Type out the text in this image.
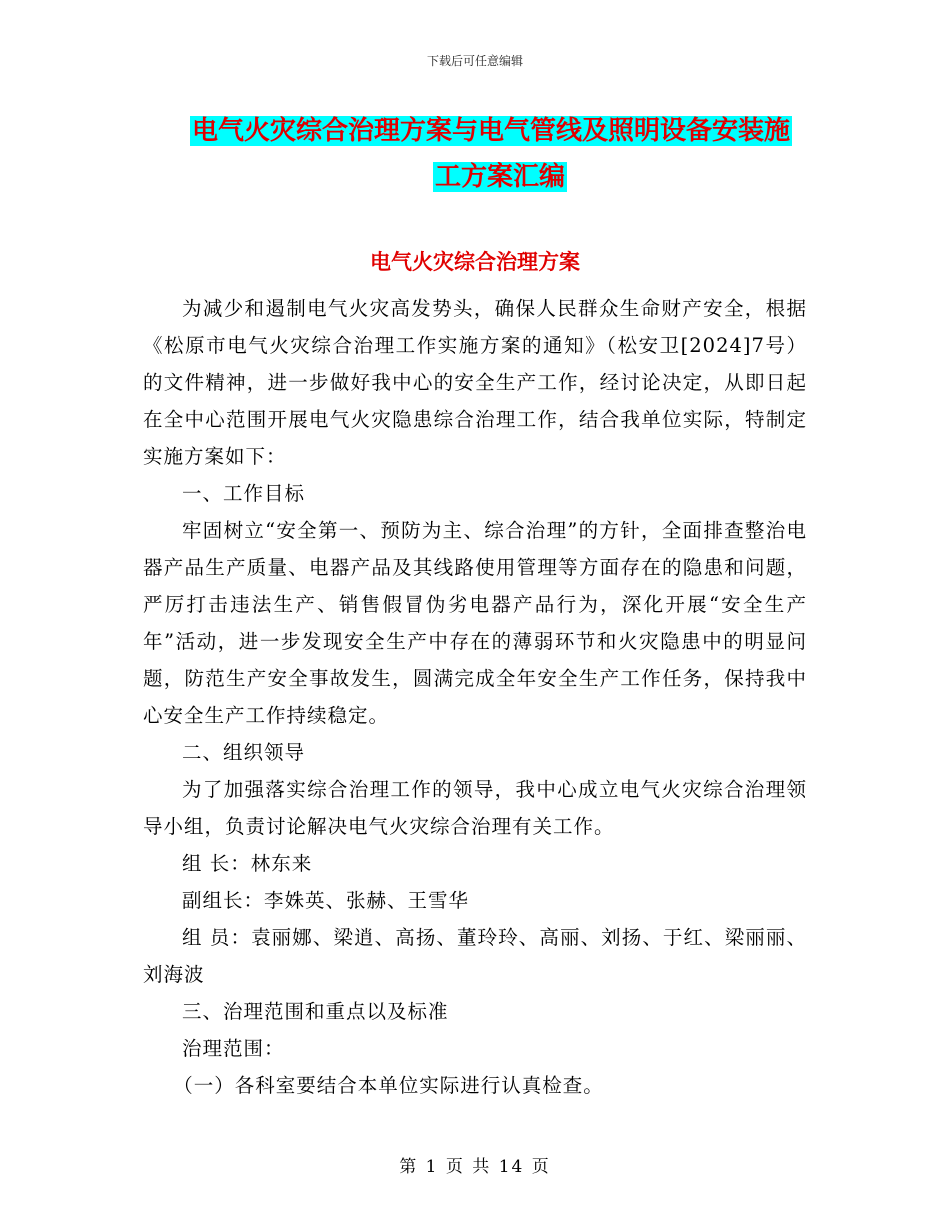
下载后可任意编辑
电气火灾综合治理方案与电气管线及照明设备安装施
工方案汇编
电气火灾综合治理方案

为减少和遏制电气火灾高发势头，确保人民群众生命财产安全，根据《松原市电气火灾综合治理工作实施方案的通知》（松安卫[2024]7号）的文件精神，进一步做好我中心的安全生产工作，经讨论决定，从即日起在全中心范围开展电气火灾隐患综合治理工作，结合我单位实际，特制定实施方案如下：

一、工作目标

牢固树立“安全第一、预防为主、综合治理”的方针，全面排查整治电器产品生产质量、电器产品及其线路使用管理等方面存在的隐患和问题，严厉打击违法生产、销售假冒伪劣电器产品行为，深化开展“安全生产年”活动，进一步发现安全生产中存在的薄弱环节和火灾隐患中的明显问题，防范生产安全事故发生，圆满完成全年安全生产工作任务，保持我中心安全生产工作持续稳定。

二、组织领导

为了加强落实综合治理工作的领导，我中心成立电气火灾综合治理领导小组，负责讨论解决电气火灾综合治理有关工作。

组 长：林东来

副组长：李姝英、张赫、王雪华

组 员：袁丽娜、梁逍、高扬、董玲玲、高丽、刘扬、于红、梁丽丽、刘海波

三、治理范围和重点以及标准

治理范围：

（一）各科室要结合本单位实际进行认真检查。

第 1 页 共 14 页
